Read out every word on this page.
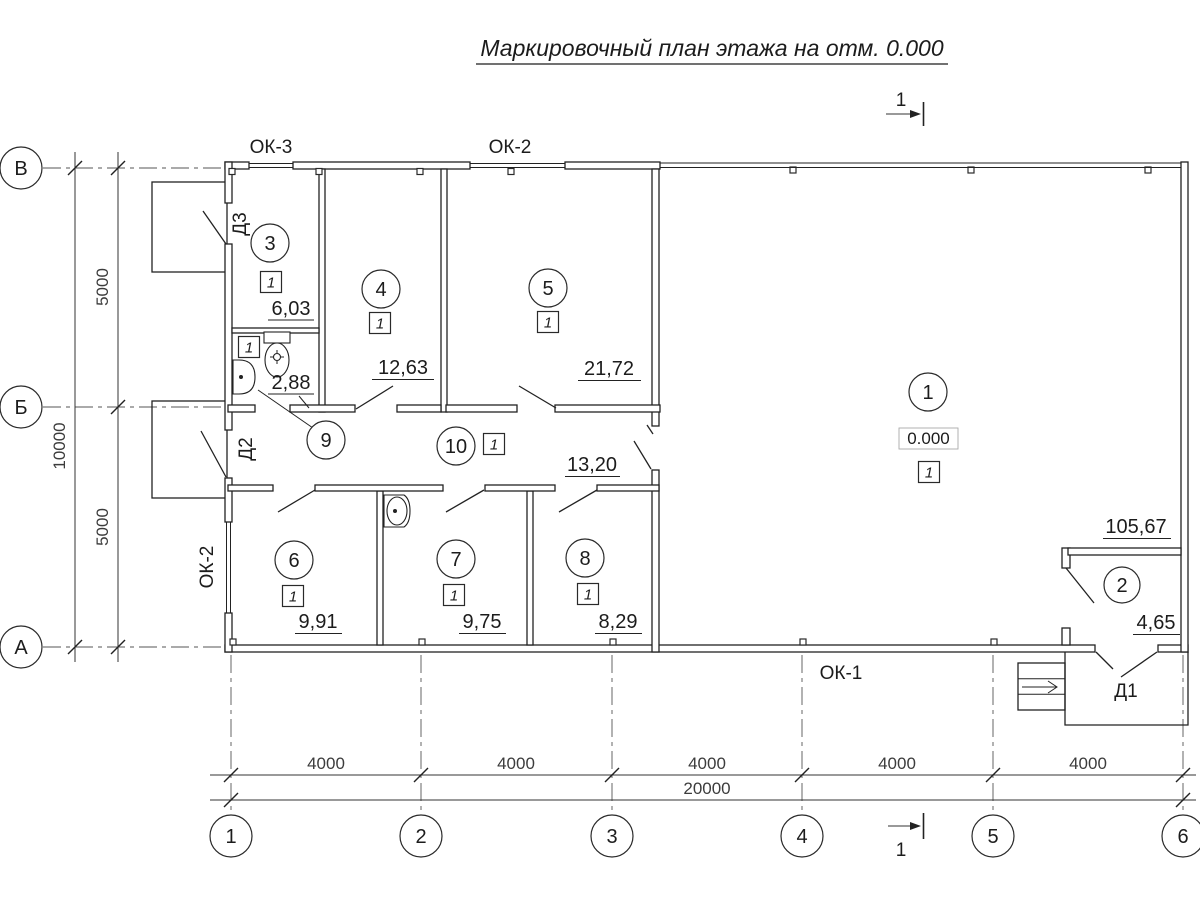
4000	4000	4000	4000	4000
20000
5000
5000
10000
В
Б
А
1	2	3	4	5	6
1
2
3
4	5
6	7	8
9	10
1
1
1
1	1
1
1	1	1
6,03
2,88
12,63	21,72
13,20
9,91	9,75	8,29
105,67
4,65
0.000
ОК-3	ОК-2
ОК-1
ОК-2
Д3
Д2
Д1
1
1
Маркировочный план этажа на отм. 0.000
